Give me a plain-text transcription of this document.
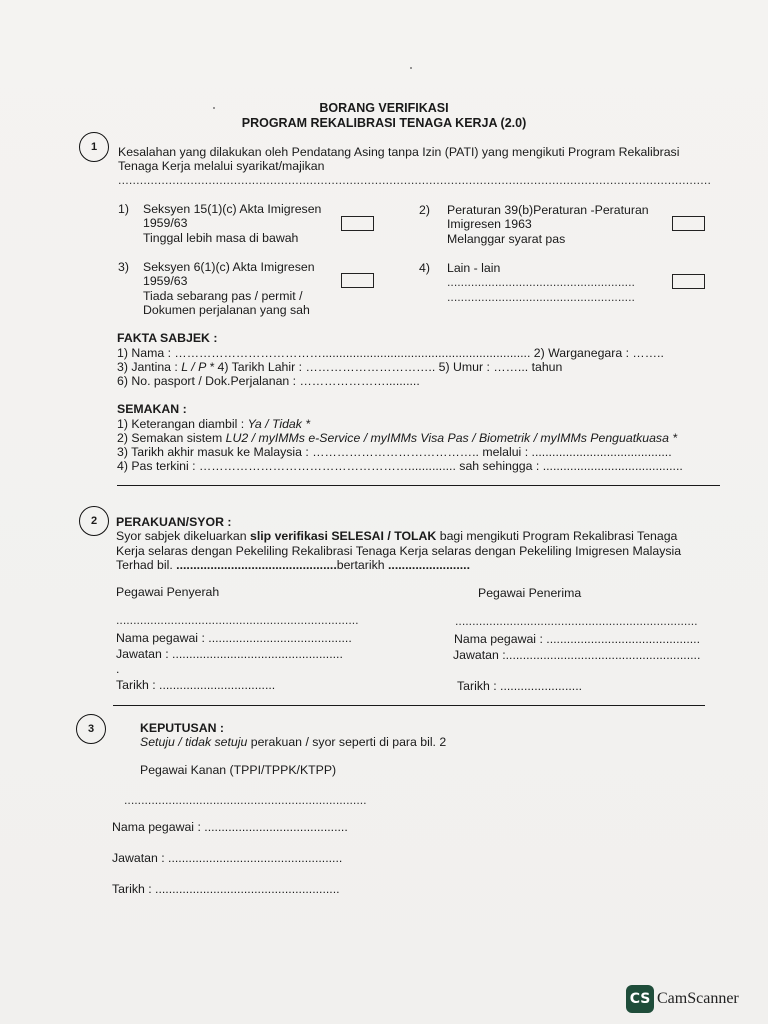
BORANG VERIFIKASI
PROGRAM REKALIBRASI TENAGA KERJA (2.0)
1	Kesalahan yang dilakukan oleh Pendatang Asing tanpa Izin (PATI) yang mengikuti Program Rekalibrasi
Tenaga Kerja melalui syarikat/majikan
....................................................................................................................................................................
1) Seksyen 15(1)(c) Akta Imigresen
1959/63
Tinggal lebih masa di bawah
2) Peraturan 39(b)Peraturan -Peraturan
Imigresen 1963
Melanggar syarat pas
3) Seksyen 6(1)(c) Akta Imigresen
1959/63
Tiada sebarang pas / permit /
Dokumen perjalanan yang sah
4) Lain - lain
.......................................................
.......................................................
FAKTA SABJEK :
1) Nama : ………………………………............................................................. 2) Warganegara : ……..
3) Jantina : L / P * 4) Tarikh Lahir : ………………………….. 5) Umur : ……... tahun
6) No. pasport / Dok.Perjalanan : …………………..........
SEMAKAN :
1) Keterangan diambil : Ya / Tidak *
2) Semakan sistem LU2 / myIMMs e-Service / myIMMs Visa Pas / Biometrik / myIMMs Penguatkuasa *
3) Tarikh akhir masuk ke Malaysia : ………………………………….. melalui : .........................................
4) Pas terkini : …………………………………………….............. sah sehingga : .........................................
2	PERAKUAN/SYOR :
Syor sabjek dikeluarkan slip verifikasi SELESAI / TOLAK bagi mengikuti Program Rekalibrasi Tenaga
Kerja selaras dengan Pekeliling Rekalibrasi Tenaga Kerja selaras dengan Pekeliling Imigresen Malaysia
Terhad bil. ...............................................bertarikh ........................
Pegawai Penyerah
.......................................................................
Nama pegawai : ..........................................
Jawatan : ..................................................
.
Tarikh : ..................................
Pegawai Penerima
.......................................................................
Nama pegawai : .............................................
Jawatan :.........................................................
Tarikh : ........................
3	KEPUTUSAN :
Setuju / tidak setuju perakuan / syor seperti di para bil. 2
Pegawai Kanan (TPPI/TPPK/KTPP)
.......................................................................
Nama pegawai : ..........................................
Jawatan : ...................................................
Tarikh : ......................................................
CS CamScanner
